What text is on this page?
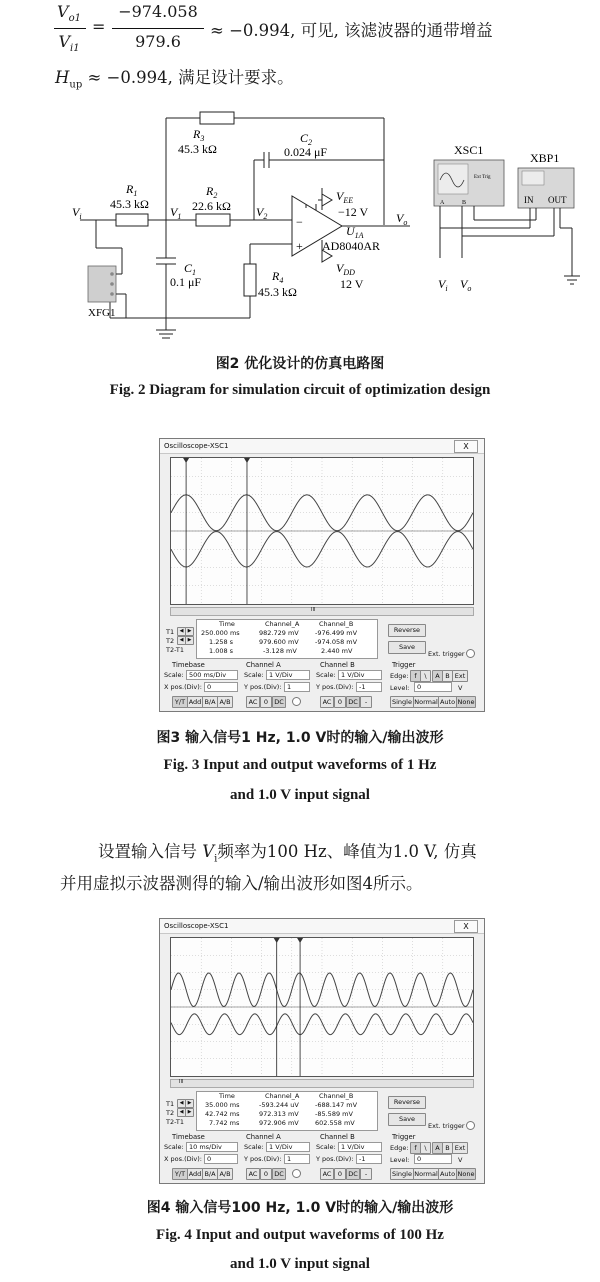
$V_{o1}$
$V_{i1}$
=
−974.058
979.6
≈ −0.994, 可见, 该滤波器的通带增益
$H_{up} \approx -0.994$, 满足设计要求。
$R_3$
45.3 kΩ
$C_2$
0.024 μF
$R_1$
45.3 kΩ
$R_2$
22.6 kΩ
$V_i$	$V_1$	$V_2$ −
+
$V_{EE}$
−12 V $V_o$
$U_{1A}$
AD8040AR
$V_{DD}$
12 V
$C_1$
0.1 μF	$R_4$
45.3 kΩ
XFG1
XSC1
Ext Trig
A	B
XBP1
IN OUT
$V_i$ $V_o$
图2 优化设计的仿真电路图
Fig. 2 Diagram for simulation circuit of optimization design
Oscilloscope-XSC1	X
III
T1
T2
T2-T1
◀ ▶
◀ ▶
Time	Channel_A	Channel_B
250.000 ms	982.729 mV	-976.499 mV
1.258 s	979.600 mV	-974.058 mV
1.008 s	-3.128 mV	2.440 mV
Reverse
Save
Ext. trigger
Timebase
Scale: 500 ms/Div
X pos.(Div): 0
Y/T Add B/A A/B
Channel A
Scale: 1 V/Div
Y pos.(Div): 1
AC 0 DC
Channel B
Scale: 1 V/Div
Y pos.(Div): -1
AC 0 DC	-
Trigger
Edge: f	\	A B Ext
Level:	0	V
Single Normal Auto None
图3 输入信号1 Hz, 1.0 V时的输入/输出波形
Fig. 3 Input and output waveforms of 1 Hz
and 1.0 V input signal
设置输入信号 $V_i$频率为100 Hz、峰值为1.0 V, 仿真
并用虚拟示波器测得的输入/输出波形如图4所示。
Oscilloscope-XSC1	X
III
T1
T2
T2-T1
◀ ▶
◀ ▶
Time	Channel_A	Channel_B
35.000 ms	-593.244 uV -688.147 mV
42.742 ms	972.313 mV	-85.589 mV
7.742 ms	972.906 mV	602.558 mV
Reverse
Save
Ext. trigger
Timebase
Scale: 10 ms/Div
X pos.(Div): 0
Y/T Add B/A A/B
Channel A
Scale: 1 V/Div
Y pos.(Div): 1
AC 0 DC
Channel B
Scale: 1 V/Div
Y pos.(Div): -1
AC 0 DC	-
Trigger
Edge: f	\	A B Ext
Level:	0	V
Single Normal Auto None
图4 输入信号100 Hz, 1.0 V时的输入/输出波形
Fig. 4 Input and output waveforms of 100 Hz
and 1.0 V input signal
